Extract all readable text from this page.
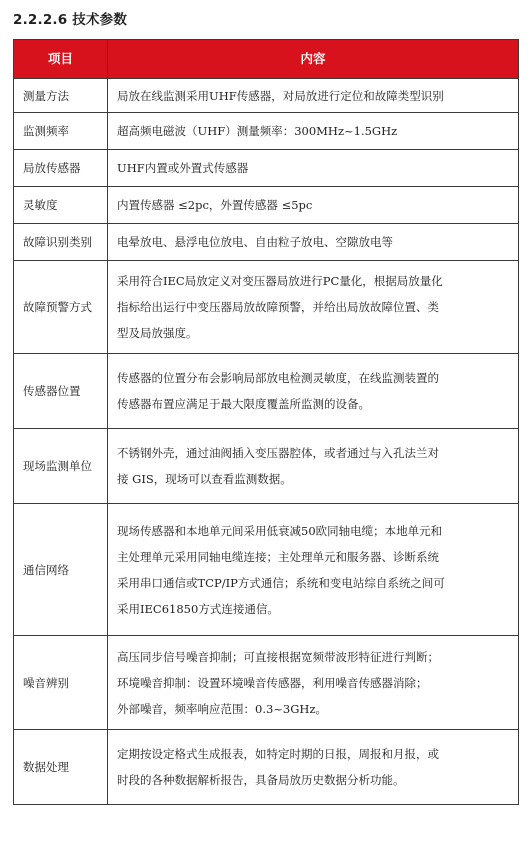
2.2.2.6 技术参数
项目	内容
测量方法	局放在线监测采用UHF传感器，对局放进行定位和故障类型识别

监测频率	超高频电磁波（UHF）测量频率：300MHz~1.5GHz

局放传感器	UHF内置或外置式传感器

灵敏度	内置传感器 ≤2pc，外置传感器 ≤5pc

故障识别类别	电晕放电、悬浮电位放电、自由粒子放电、空隙放电等

故障预警方式	采用符合IEC局放定义对变压器局放进行PC量化，根据局放量化
指标给出运行中变压器局放故障预警，并给出局放故障位置、类
型及局放强度。

传感器位置	传感器的位置分布会影响局部放电检测灵敏度，在线监测装置的
传感器布置应满足于最大限度覆盖所监测的设备。

现场监测单位	不锈钢外壳，通过油阀插入变压器腔体，或者通过与入孔法兰对
接 GIS，现场可以查看监测数据。

通信网络	现场传感器和本地单元间采用低衰减50欧同轴电缆；本地单元和
主处理单元采用同轴电缆连接；主处理单元和服务器、诊断系统
采用串口通信或TCP/IP方式通信；系统和变电站综自系统之间可
采用IEC61850方式连接通信。

噪音辨别	高压同步信号噪音抑制；可直接根据宽频带波形特征进行判断；
环境噪音抑制：设置环境噪音传感器，利用噪音传感器消除；
外部噪音，频率响应范围：0.3~3GHz。

数据处理	定期按设定格式生成报表，如特定时期的日报，周报和月报，或
时段的各种数据解析报告，具备局放历史数据分析功能。
